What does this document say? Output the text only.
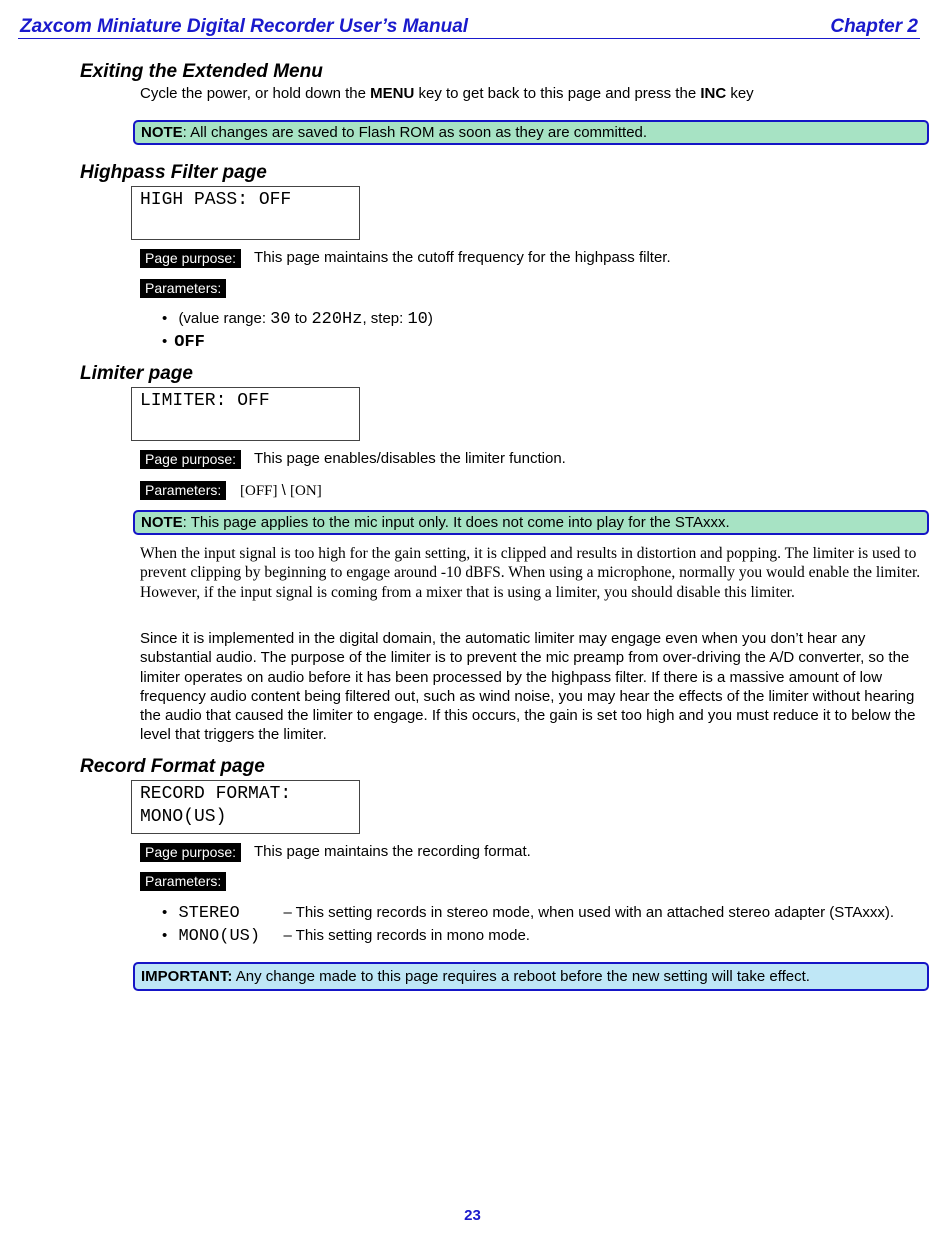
Zaxcom Miniature Digital Recorder User’s Manual	Chapter 2
Exiting the Extended Menu
Cycle the power, or hold down the MENU key to get back to this page and press the INC key
NOTE: All changes are saved to Flash ROM as soon as they are committed.
Highpass Filter page
HIGH PASS: OFF
Page purpose:	This page maintains the cutoff frequency for the highpass filter.
Parameters:
• (value range: 30 to 220Hz, step: 10)
• OFF
Limiter page
LIMITER: OFF
Page purpose:	This page enables/disables the limiter function.
Parameters:	[OFF] \ [ON]
NOTE: This page applies to the mic input only. It does not come into play for the STAxxx.
When the input signal is too high for the gain setting, it is clipped and results in distortion and popping. The limiter is used to prevent clipping by beginning to engage around -10 dBFS. When using a microphone, normally you would enable the limiter. However, if the input signal is coming from a mixer that is using a limiter, you should disable this limiter.
Since it is implemented in the digital domain, the automatic limiter may engage even when you don’t hear any substantial audio. The purpose of the limiter is to prevent the mic preamp from over-driving the A/D converter, so the limiter operates on audio before it has been processed by the highpass filter. If there is a massive amount of low frequency audio content being filtered out, such as wind noise, you may hear the effects of the limiter without hearing the audio that caused the limiter to engage. If this occurs, the gain is set too high and you must reduce it to below the level that triggers the limiter.
Record Format page
RECORD FORMAT:
MONO(US)
Page purpose:	This page maintains the recording format.
Parameters:
• STEREO	– This setting records in stereo mode, when used with an attached stereo adapter (STAxxx).
• MONO(US) – This setting records in mono mode.
IMPORTANT: Any change made to this page requires a reboot before the new setting will take effect.
23
